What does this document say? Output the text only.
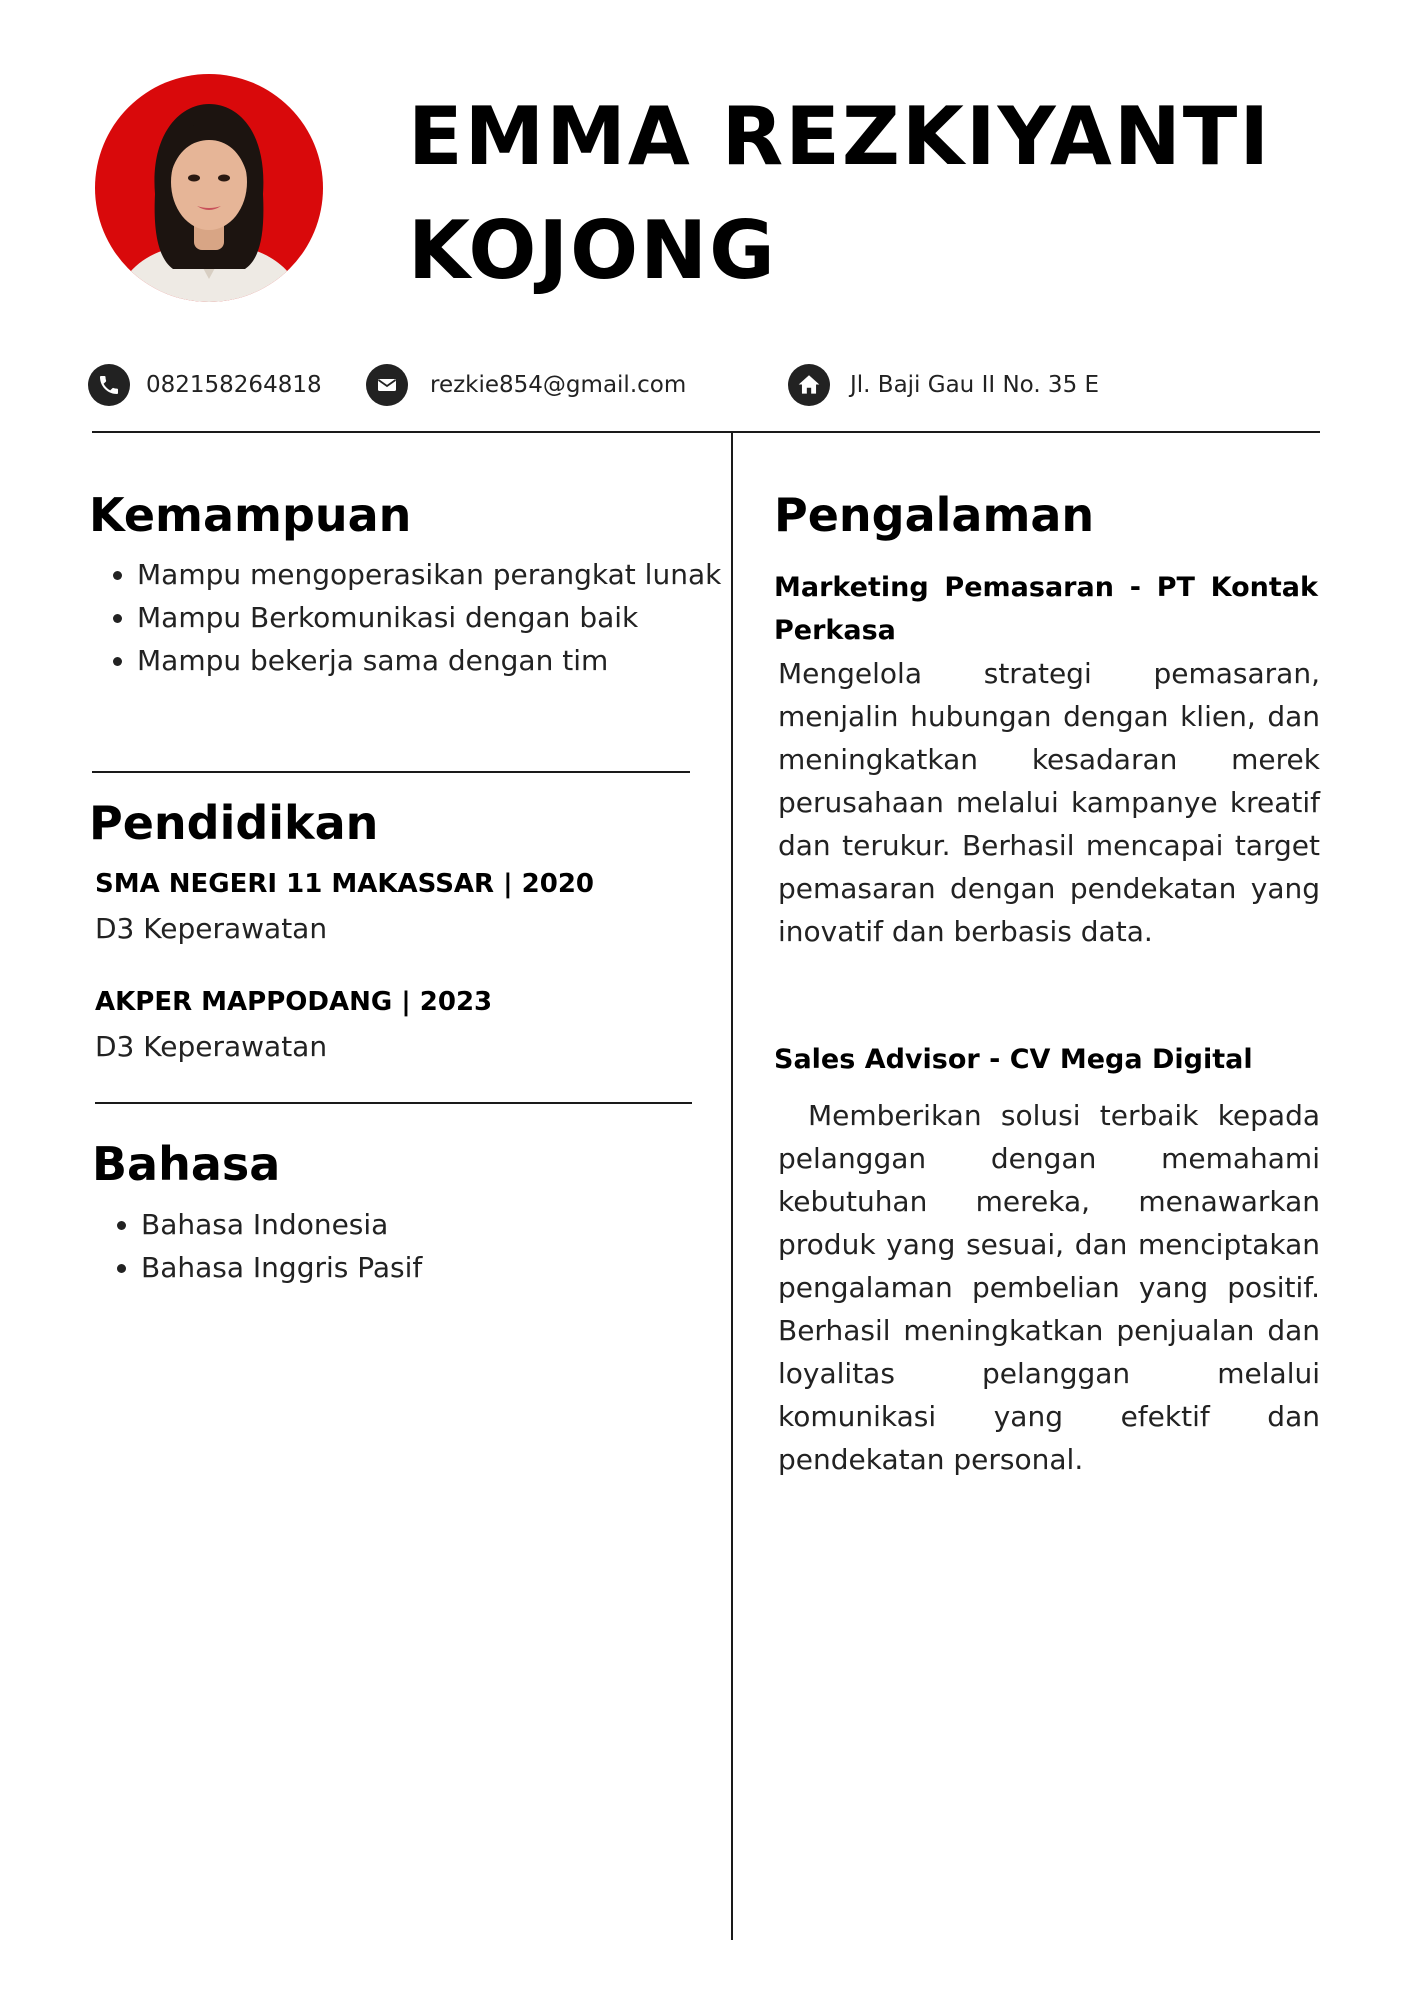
EMMA REZKIYANTI
KOJONG
082158264818	rezkie854@gmail.com	Jl. Baji Gau II No. 35 E
Kemampuan
• Mampu mengoperasikan perangkat lunak
• Mampu Berkomunikasi dengan baik
• Mampu bekerja sama dengan tim
Pendidikan
SMA NEGERI 11 MAKASSAR | 2020
D3 Keperawatan
AKPER MAPPODANG | 2023
D3 Keperawatan
Bahasa
• Bahasa Indonesia
• Bahasa Inggris Pasif
Pengalaman
Marketing Pemasaran - PT Kontak Perkasa
Mengelola strategi pemasaran, menjalin hubungan dengan klien, dan meningkatkan kesadaran merek perusahaan melalui kampanye kreatif dan terukur. Berhasil mencapai target pemasaran dengan pendekatan yang inovatif dan berbasis data.
Sales Advisor - CV Mega Digital
Memberikan solusi terbaik kepada pelanggan dengan memahami kebutuhan mereka, menawarkan produk yang sesuai, dan menciptakan pengalaman pembelian yang positif. Berhasil meningkatkan penjualan dan loyalitas pelanggan melalui komunikasi yang efektif dan pendekatan personal.
